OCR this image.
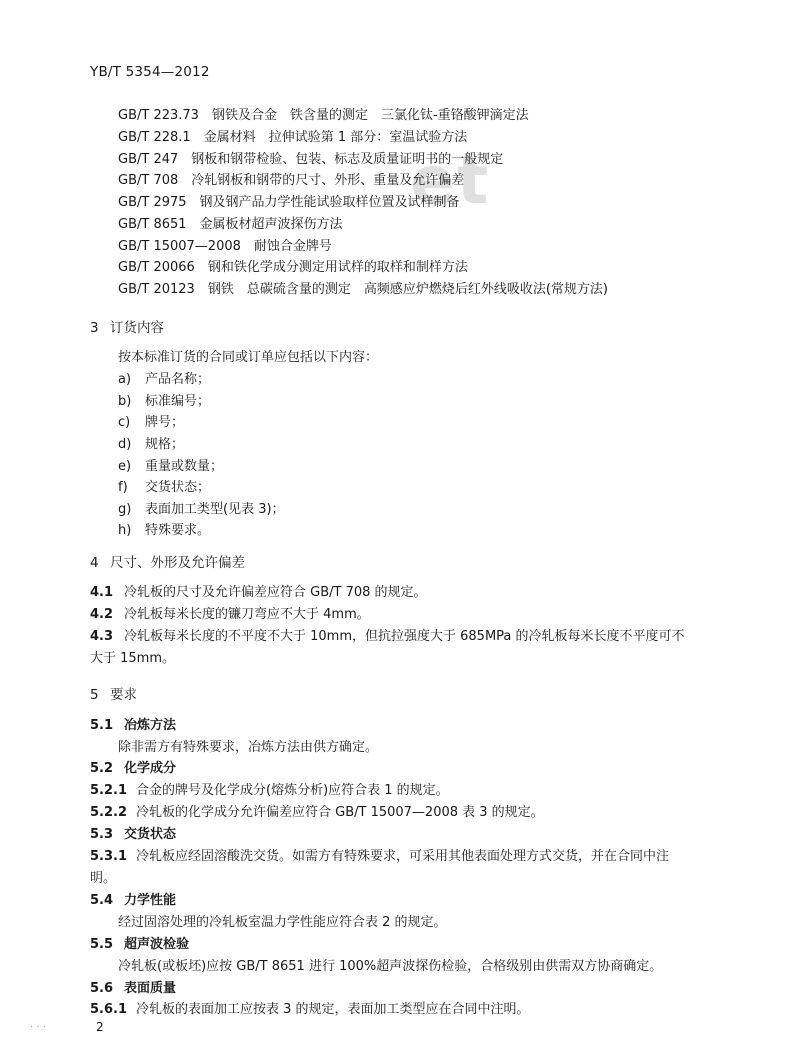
et
YB/T 5354—2012
GB/T 223.73　 钢铁及合金　铁含量的测定　三氯化钛-重铬酸钾滴定法
GB/T 228.1　 金属材料　拉伸试验第 1 部分：室温试验方法
GB/T 247　 钢板和钢带检验、包装、标志及质量证明书的一般规定
GB/T 708　 冷轧钢板和钢带的尺寸、外形、重量及允许偏差
GB/T 2975　 钢及钢产品力学性能试验取样位置及试样制备
GB/T 8651　 金属板材超声波探伤方法
GB/T 15007—2008　 耐蚀合金牌号
GB/T 20066　 钢和铁化学成分测定用试样的取样和制样方法
GB/T 20123　 钢铁　总碳硫含量的测定　高频感应炉燃烧后红外线吸收法(常规方法)
3 订货内容
按本标准订货的合同或订单应包括以下内容：
a) 产品名称；
b) 标准编号；
c) 牌号；
d) 规格；
e) 重量或数量；
f) 交货状态；
g) 表面加工类型(见表 3)；
h) 特殊要求。
4 尺寸、外形及允许偏差
4.1 冷轧板的尺寸及允许偏差应符合 GB/T 708 的规定。
4.2 冷轧板每米长度的镰刀弯应不大于 4mm。
4.3 冷轧板每米长度的不平度不大于 10mm，但抗拉强度大于 685MPa 的冷轧板每米长度不平度可不
大于 15mm。
5 要求
5.1 冶炼方法
除非需方有特殊要求，冶炼方法由供方确定。
5.2 化学成分
5.2.1 合金的牌号及化学成分(熔炼分析)应符合表 1 的规定。
5.2.2 冷轧板的化学成分允许偏差应符合 GB/T 15007—2008 表 3 的规定。
5.3 交货状态
5.3.1 冷轧板应经固溶酸洗交货。如需方有特殊要求，可采用其他表面处理方式交货，并在合同中注
明。
5.4 力学性能
经过固溶处理的冷轧板室温力学性能应符合表 2 的规定。
5.5 超声波检验
冷轧板(或板坯)应按 GB/T 8651 进行 100%超声波探伤检验，合格级别由供需双方协商确定。
5.6 表面质量
5.6.1 冷轧板的表面加工应按表 3 的规定，表面加工类型应在合同中注明。
· · ·	2
